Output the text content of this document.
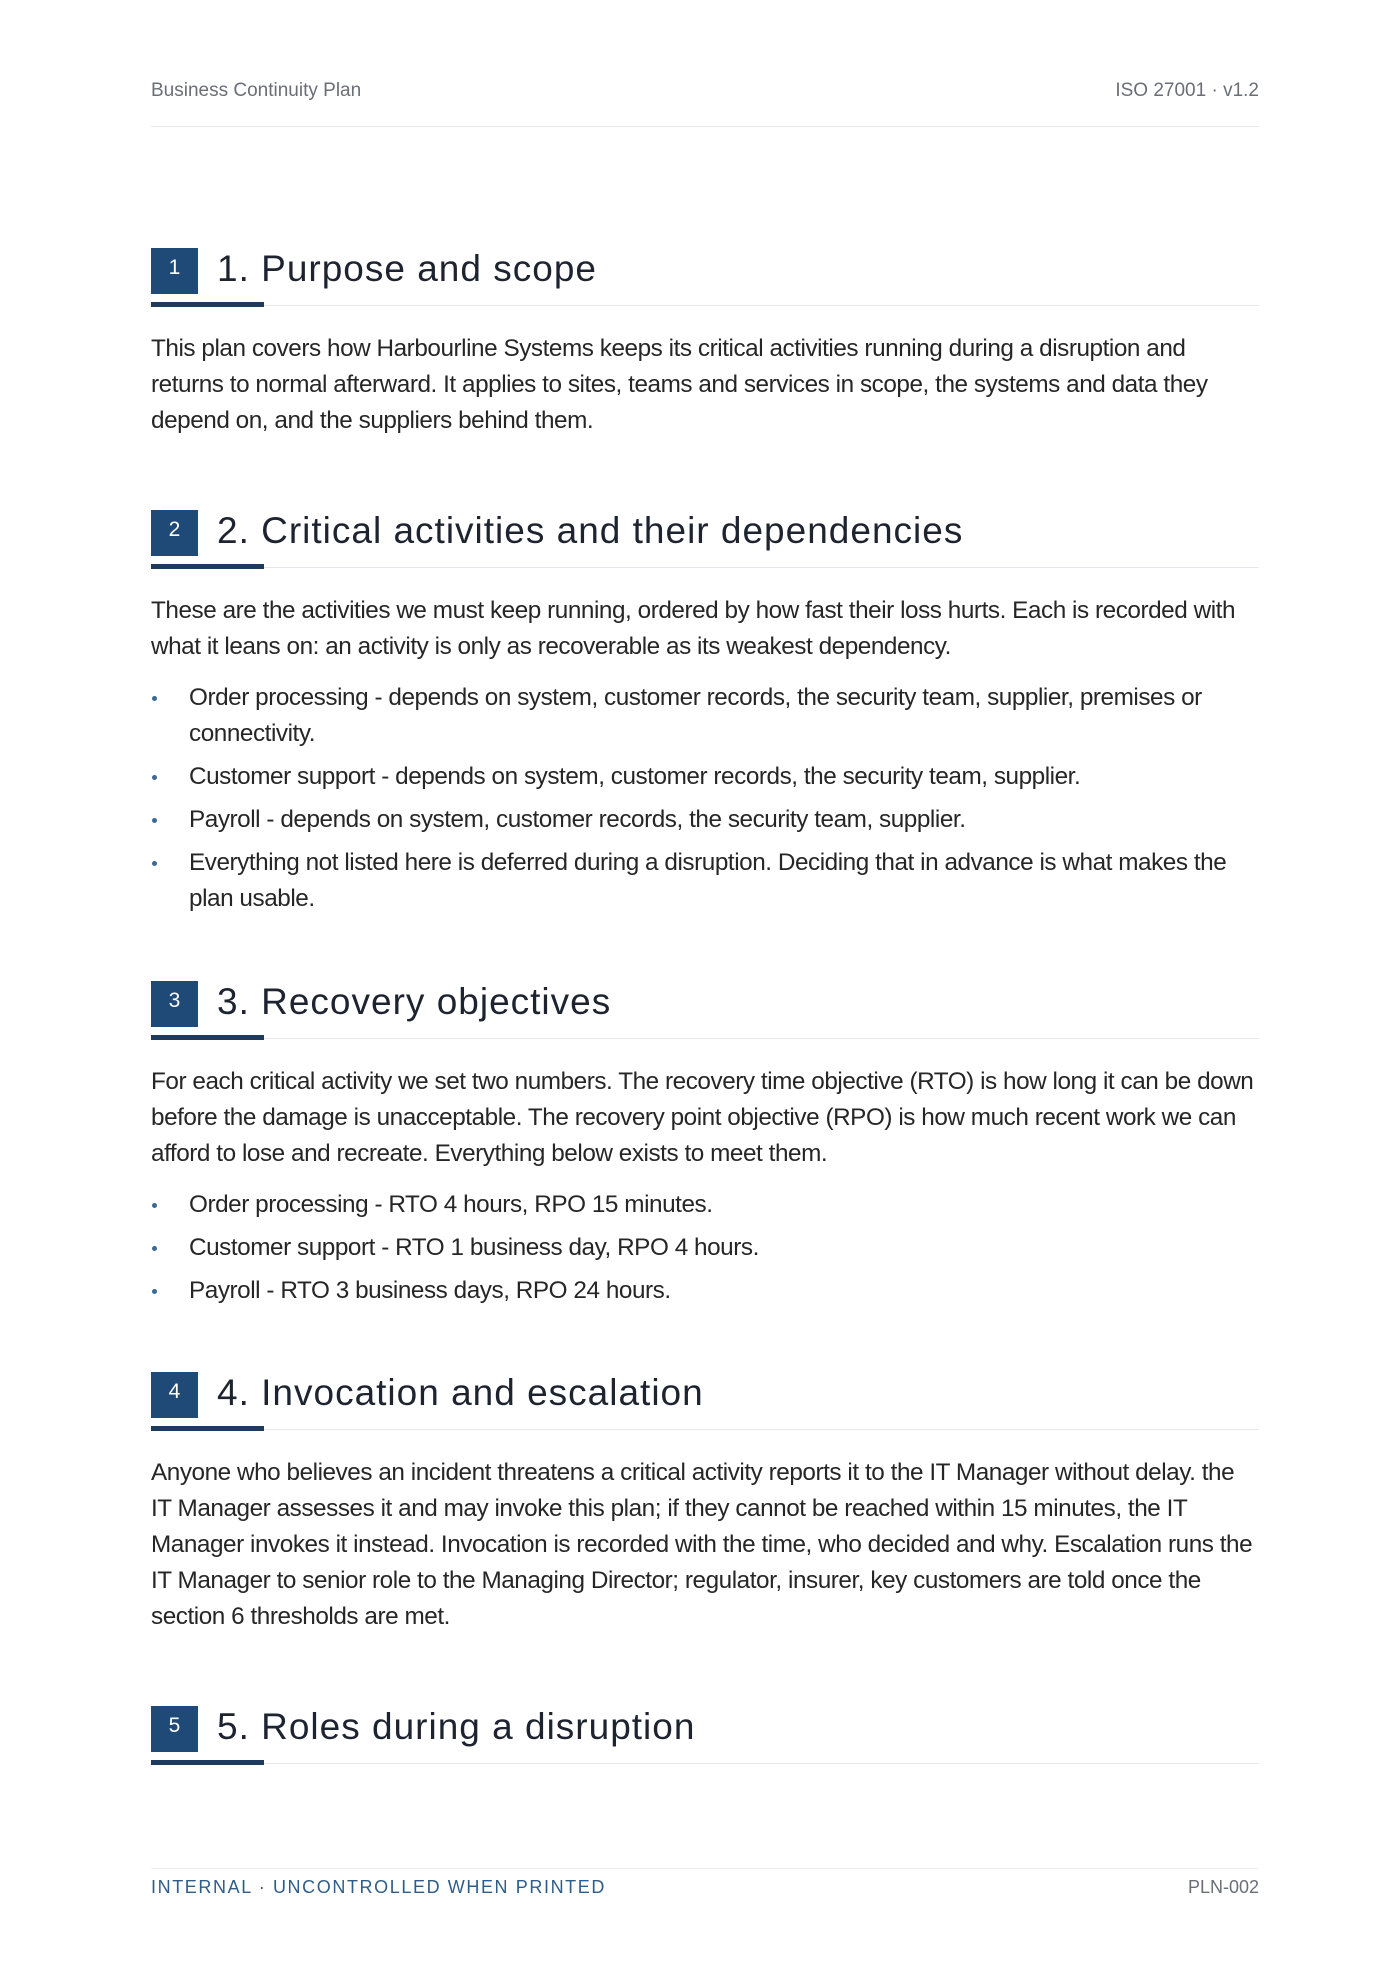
Business Continuity Plan	ISO 27001 · v1.2
1 1. Purpose and scope

This plan covers how Harbourline Systems keeps its critical activities running during a disruption and returns to normal afterward. It applies to sites, teams and services in scope, the systems and data they depend on, and the suppliers behind them.

2 2. Critical activities and their dependencies

These are the activities we must keep running, ordered by how fast their loss hurts. Each is recorded with what it leans on: an activity is only as recoverable as its weakest dependency.

Order processing - depends on system, customer records, the security team, supplier, premises or connectivity.
Customer support - depends on system, customer records, the security team, supplier.
Payroll - depends on system, customer records, the security team, supplier.
Everything not listed here is deferred during a disruption. Deciding that in advance is what makes the plan usable.
3 3. Recovery objectives

For each critical activity we set two numbers. The recovery time objective (RTO) is how long it can be down before the damage is unacceptable. The recovery point objective (RPO) is how much recent work we can afford to lose and recreate. Everything below exists to meet them.

Order processing - RTO 4 hours, RPO 15 minutes.
Customer support - RTO 1 business day, RPO 4 hours.
Payroll - RTO 3 business days, RPO 24 hours.
4 4. Invocation and escalation

Anyone who believes an incident threatens a critical activity reports it to the IT Manager without delay. the IT Manager assesses it and may invoke this plan; if they cannot be reached within 15 minutes, the IT Manager invokes it instead. Invocation is recorded with the time, who decided and why. Escalation runs the IT Manager to senior role to the Managing Director; regulator, insurer, key customers are told once the section 6 thresholds are met.

5 5. Roles during a disruption
INTERNAL · UNCONTROLLED WHEN PRINTED	PLN-002
